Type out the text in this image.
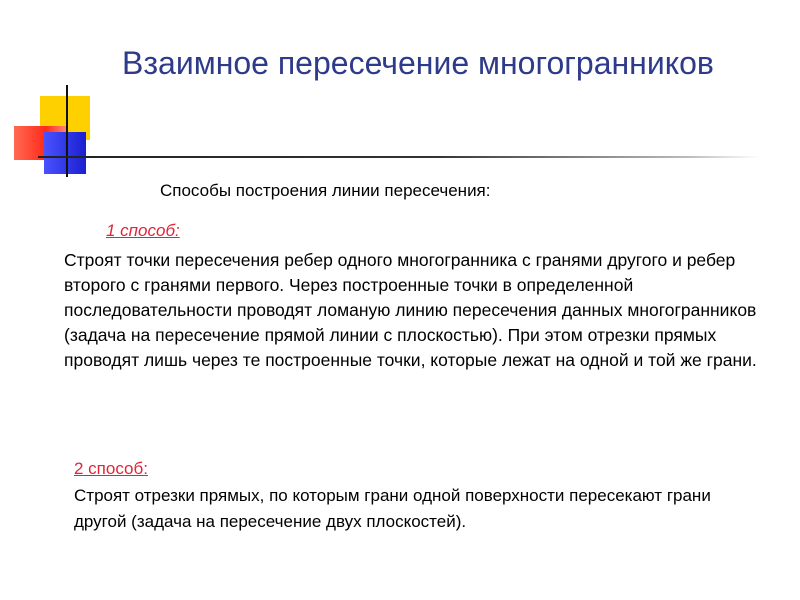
Взаимное пересечение многогранников
Способы построения линии пересечения:
1 способ:
Строят точки пересечения ребер одного многогранника с гранями другого и ребер второго с гранями первого. Через построенные точки в определенной последовательности проводят ломаную линию пересечения данных многогранников (задача на пересечение прямой линии с плоскостью). При этом отрезки прямых проводят лишь через те построенные точки, которые лежат на одной и той же грани.
2 способ:
Строят отрезки прямых, по которым грани одной поверхности пересекают грани другой (задача на пересечение двух плоскостей).
